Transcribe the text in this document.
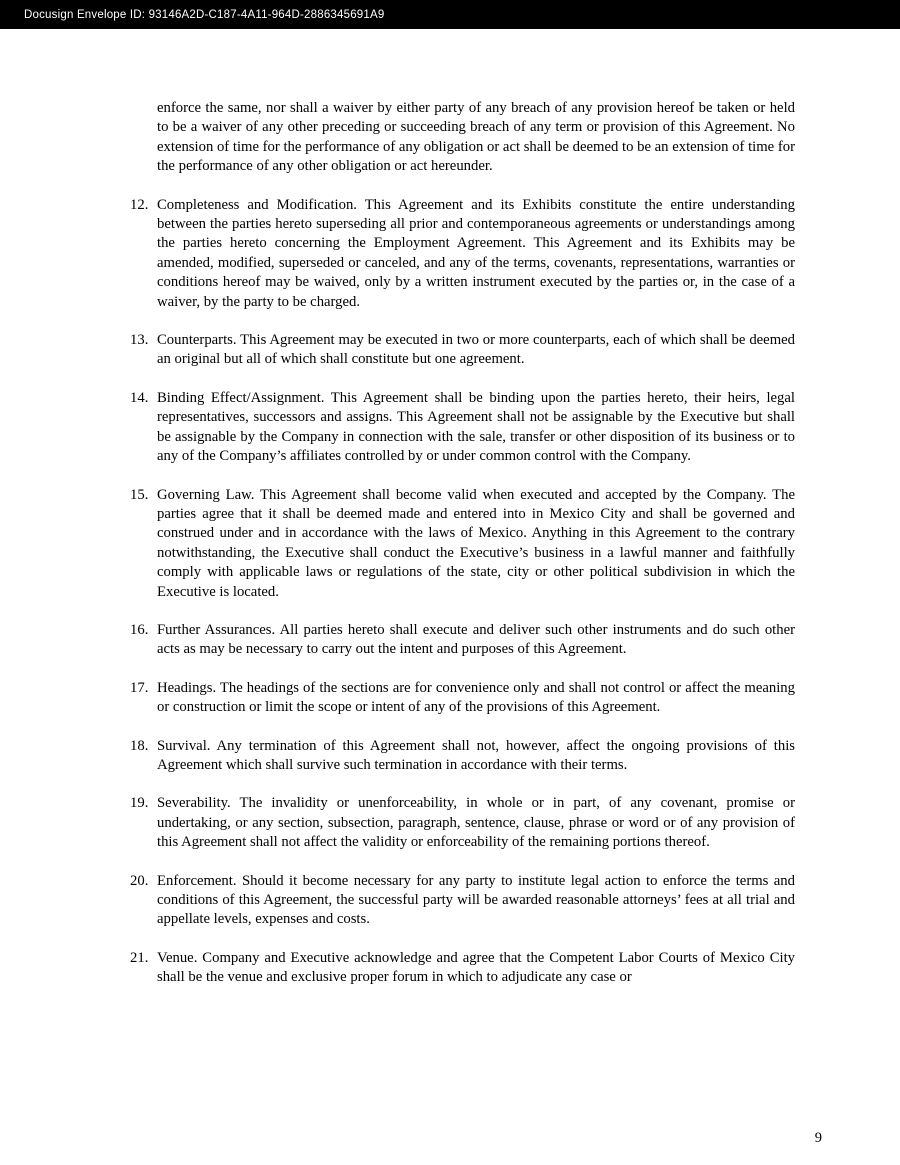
Docusign Envelope ID: 93146A2D-C187-4A11-964D-2886345691A9

enforce the same, nor shall a waiver by either party of any breach of any provision hereof be taken or held to be a waiver of any other preceding or succeeding breach of any term or provision of this Agreement. No extension of time for the performance of any obligation or act shall be deemed to be an extension of time for the performance of any other obligation or act hereunder.

12. Completeness and Modification. This Agreement and its Exhibits constitute the entire understanding between the parties hereto superseding all prior and contemporaneous agreements or understandings among the parties hereto concerning the Employment Agreement. This Agreement and its Exhibits may be amended, modified, superseded or canceled, and any of the terms, covenants, representations, warranties or conditions hereof may be waived, only by a written instrument executed by the parties or, in the case of a waiver, by the party to be charged.

13. Counterparts. This Agreement may be executed in two or more counterparts, each of which shall be deemed an original but all of which shall constitute but one agreement.

14. Binding Effect/Assignment. This Agreement shall be binding upon the parties hereto, their heirs, legal representatives, successors and assigns. This Agreement shall not be assignable by the Executive but shall be assignable by the Company in connection with the sale, transfer or other disposition of its business or to any of the Company’s affiliates controlled by or under common control with the Company.

15. Governing Law. This Agreement shall become valid when executed and accepted by the Company. The parties agree that it shall be deemed made and entered into in Mexico City and shall be governed and construed under and in accordance with the laws of Mexico. Anything in this Agreement to the contrary notwithstanding, the Executive shall conduct the Executive’s business in a lawful manner and faithfully comply with applicable laws or regulations of the state, city or other political subdivision in which the Executive is located.

16. Further Assurances. All parties hereto shall execute and deliver such other instruments and do such other acts as may be necessary to carry out the intent and purposes of this Agreement.

17. Headings. The headings of the sections are for convenience only and shall not control or affect the meaning or construction or limit the scope or intent of any of the provisions of this Agreement.

18. Survival. Any termination of this Agreement shall not, however, affect the ongoing provisions of this Agreement which shall survive such termination in accordance with their terms.

19. Severability. The invalidity or unenforceability, in whole or in part, of any covenant, promise or undertaking, or any section, subsection, paragraph, sentence, clause, phrase or word or of any provision of this Agreement shall not affect the validity or enforceability of the remaining portions thereof.

20. Enforcement. Should it become necessary for any party to institute legal action to enforce the terms and conditions of this Agreement, the successful party will be awarded reasonable attorneys’ fees at all trial and appellate levels, expenses and costs.

21. Venue. Company and Executive acknowledge and agree that the Competent Labor Courts of Mexico City shall be the venue and exclusive proper forum in which to adjudicate any case or

9
